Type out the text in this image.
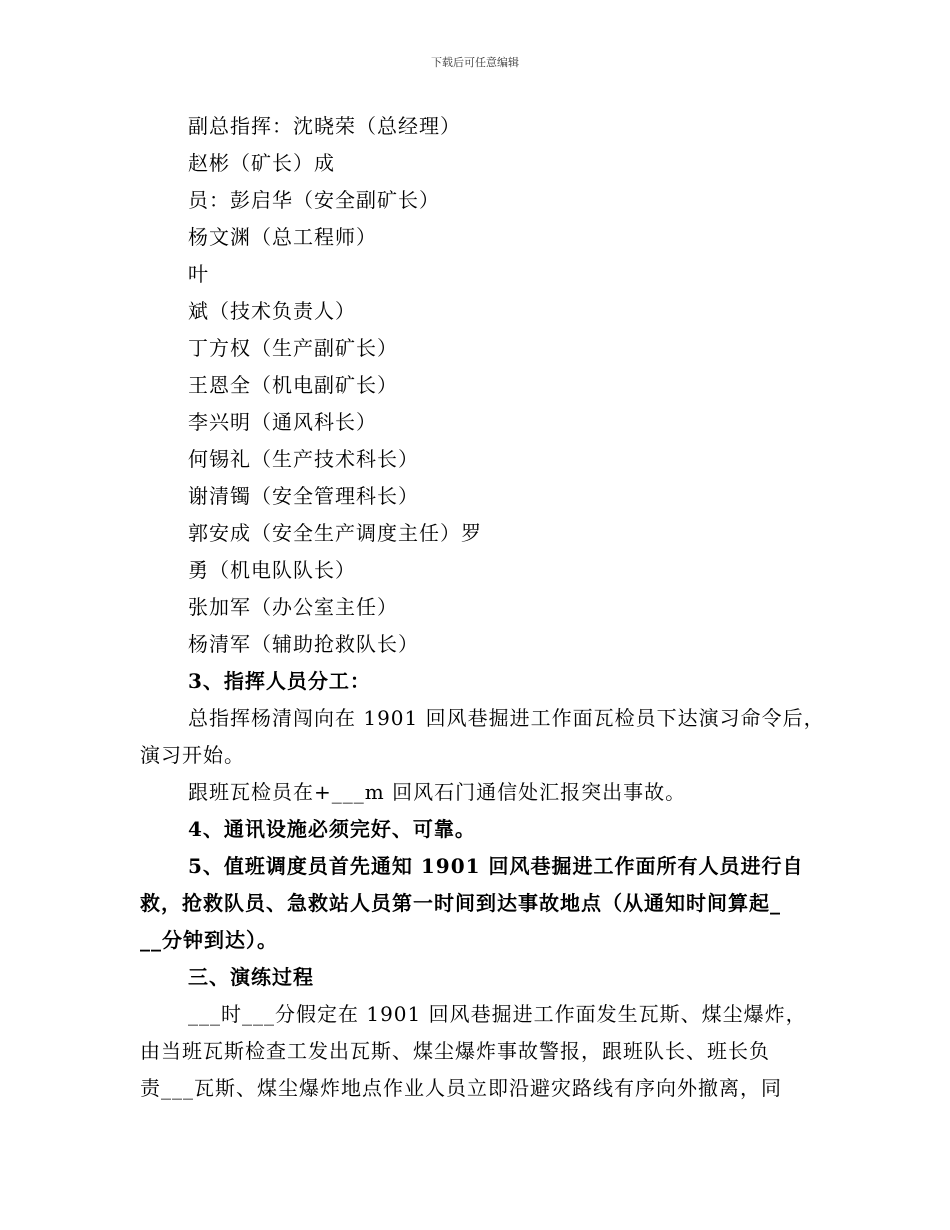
下载后可任意编辑
副总指挥：沈晓荣（总经理）
赵彬（矿长）成
员：彭启华（安全副矿长）
杨文渊（总工程师）
叶
斌（技术负责人）
丁方权（生产副矿长）
王恩全（机电副矿长）
李兴明（通风科长）
何锡礼（生产技术科长）
谢清镯（安全管理科长）
郭安成（安全生产调度主任）罗
勇（机电队队长）
张加军（办公室主任）
杨清军（辅助抢救队长）
3、指挥人员分工：
总指挥杨清闯向在 1901 回风巷掘进工作面瓦检员下达演习命令后，
演习开始。
跟班瓦检员在+___m 回风石门通信处汇报突出事故。
4、通讯设施必须完好、可靠。
5、值班调度员首先通知 1901 回风巷掘进工作面所有人员进行自
救，抢救队员、急救站人员第一时间到达事故地点（从通知时间算起_
__分钟到达）。
三、演练过程
___时___分假定在 1901 回风巷掘进工作面发生瓦斯、煤尘爆炸，
由当班瓦斯检查工发出瓦斯、煤尘爆炸事故警报，跟班队长、班长负
责___瓦斯、煤尘爆炸地点作业人员立即沿避灾路线有序向外撤离，同
